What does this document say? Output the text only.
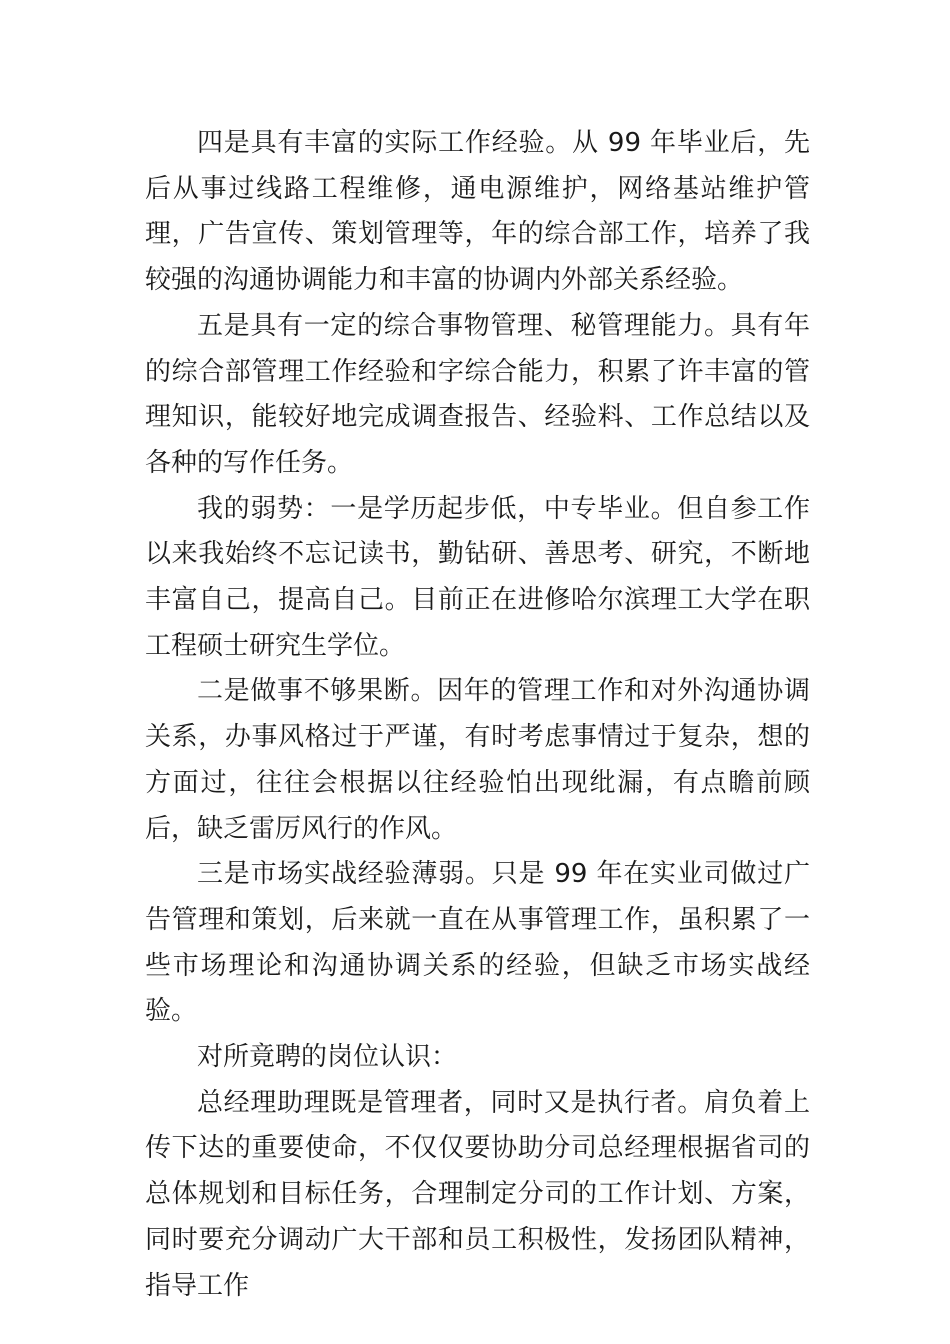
四是具有丰富的实际工作经验。从 99 年毕业后，先后从事过线路工程维修，通电源维护，网络基站维护管理，广告宣传、策划管理等，年的综合部工作，培养了我较强的沟通协调能力和丰富的协调内外部关系经验。

五是具有一定的综合事物管理、秘管理能力。具有年的综合部管理工作经验和字综合能力，积累了许丰富的管理知识，能较好地完成调查报告、经验料、工作总结以及各种的写作任务。

我的弱势：一是学历起步低，中专毕业。但自参工作以来我始终不忘记读书，勤钻研、善思考、研究，不断地丰富自己，提高自己。目前正在进修哈尔滨理工大学在职工程硕士研究生学位。

二是做事不够果断。因年的管理工作和对外沟通协调关系，办事风格过于严谨，有时考虑事情过于复杂，想的方面过，往往会根据以往经验怕出现纰漏，有点瞻前顾后，缺乏雷厉风行的作风。

三是市场实战经验薄弱。只是 99 年在实业司做过广告管理和策划，后来就一直在从事管理工作，虽积累了一些市场理论和沟通协调关系的经验，但缺乏市场实战经验。

对所竟聘的岗位认识：

总经理助理既是管理者，同时又是执行者。肩负着上传下达的重要使命，不仅仅要协助分司总经理根据省司的总体规划和目标任务，合理制定分司的工作计划、方案，同时要充分调动广大干部和员工积极性，发扬团队精神，指导工作
